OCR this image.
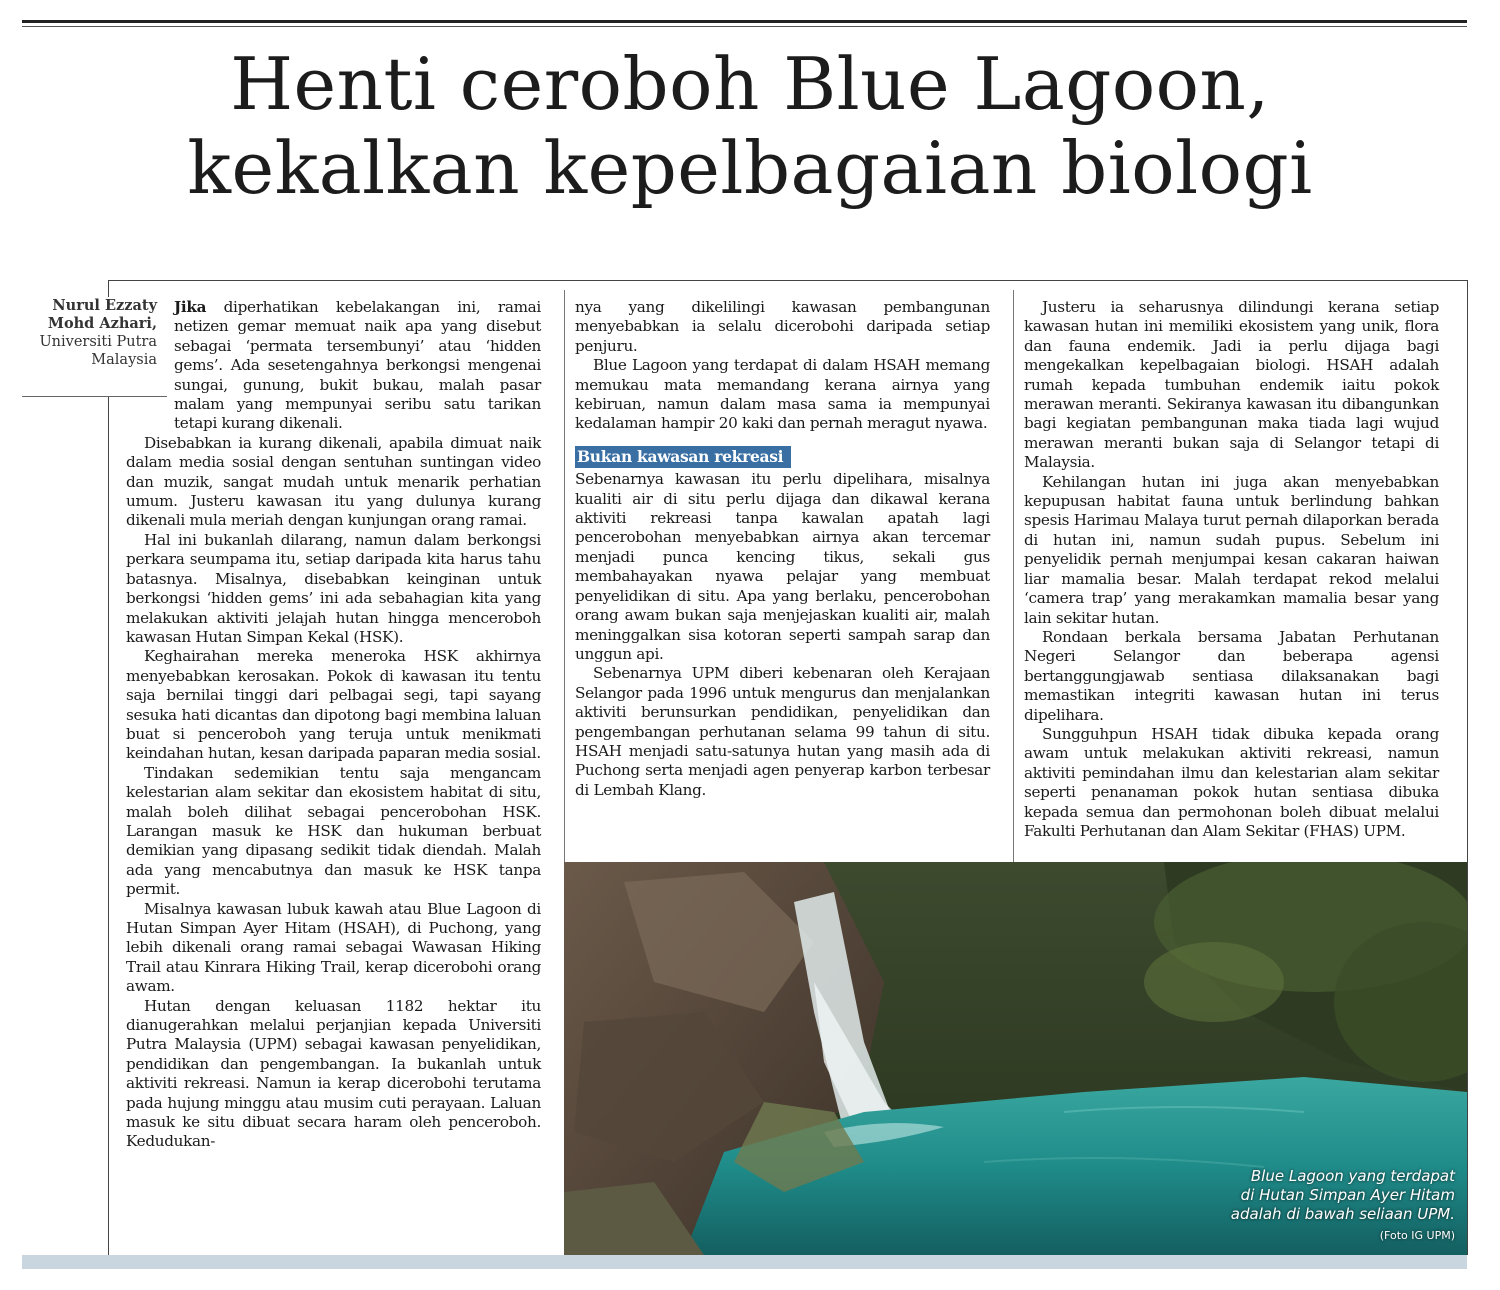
Henti ceroboh Blue Lagoon,
kekalkan kepelbagaian biologi
Nurul Ezzaty
Mohd Azhari,
Universiti Putra
Malaysia

Jika diperhatikan kebelakangan ini, ramai netizen gemar memuat naik apa yang disebut sebagai ‘permata tersembunyi’ atau ‘hidden gems’. Ada sesetengahnya berkongsi mengenai sungai, gunung, bukit bukau, malah pasar malam yang mempunyai seribu satu tarikan tetapi kurang dikenali.

Disebabkan ia kurang dikenali, apabila dimuat naik dalam media sosial dengan sentuhan suntingan video dan muzik, sangat mudah untuk menarik perhatian umum. Justeru kawasan itu yang dulunya kurang dikenali mula meriah dengan kunjungan orang ramai.

Hal ini bukanlah dilarang, namun dalam berkongsi perkara seumpama itu, setiap daripada kita harus tahu batasnya. Misalnya, disebabkan keinginan untuk berkongsi ‘hidden gems’ ini ada sebahagian kita yang melakukan aktiviti jelajah hutan hingga menceroboh kawasan Hutan Simpan Kekal (HSK).

Keghairahan mereka meneroka HSK akhirnya menyebabkan kerosakan. Pokok di kawasan itu tentu saja bernilai tinggi dari pelbagai segi, tapi sayang sesuka hati dicantas dan dipotong bagi membina laluan buat si penceroboh yang teruja untuk menikmati keindahan hutan, kesan daripada paparan media sosial.

Tindakan sedemikian tentu saja mengancam kelestarian alam sekitar dan ekosistem habitat di situ, malah boleh dilihat sebagai pencerobohan HSK. Larangan masuk ke HSK dan hukuman berbuat demikian yang dipasang sedikit tidak diendah. Malah ada yang mencabutnya dan masuk ke HSK tanpa permit.

Misalnya kawasan lubuk kawah atau Blue Lagoon di Hutan Simpan Ayer Hitam (HSAH), di Puchong, yang lebih dikenali orang ramai sebagai Wawasan Hiking Trail atau Kinrara Hiking Trail, kerap dicerobohi orang awam.

Hutan dengan keluasan 1182 hektar itu dianugerahkan melalui perjanjian kepada Universiti Putra Malaysia (UPM) sebagai kawasan penyelidikan, pendidikan dan pengembangan. Ia bukanlah untuk aktiviti rekreasi. Namun ia kerap dicerobohi terutama pada hujung minggu atau musim cuti perayaan. Laluan masuk ke situ dibuat secara haram oleh penceroboh. Kedudukan-

nya yang dikelilingi kawasan pembangunan menyebabkan ia selalu dicerobohi daripada setiap penjuru.

Blue Lagoon yang terdapat di dalam HSAH memang memukau mata memandang kerana airnya yang kebiruan, namun dalam masa sama ia mempunyai kedalaman hampir 20 kaki dan pernah meragut nyawa.

Bukan kawasan rekreasi

Sebenarnya kawasan itu perlu dipelihara, misalnya kualiti air di situ perlu dijaga dan dikawal kerana aktiviti rekreasi tanpa kawalan apatah lagi pencerobohan menyebabkan airnya akan tercemar menjadi punca kencing tikus, sekali gus membahayakan nyawa pelajar yang membuat penyelidikan di situ. Apa yang berlaku, pencerobohan orang awam bukan saja menjejaskan kualiti air, malah meninggalkan sisa kotoran seperti sampah sarap dan unggun api.

Sebenarnya UPM diberi kebenaran oleh Kerajaan Selangor pada 1996 untuk mengurus dan menjalankan aktiviti berunsurkan pendidikan, penyelidikan dan pengembangan perhutanan selama 99 tahun di situ. HSAH menjadi satu-satunya hutan yang masih ada di Puchong serta menjadi agen penyerap karbon terbesar di Lembah Klang.

Justeru ia seharusnya dilindungi kerana setiap kawasan hutan ini memiliki ekosistem yang unik, flora dan fauna endemik. Jadi ia perlu dijaga bagi mengekalkan kepelbagaian biologi. HSAH adalah rumah kepada tumbuhan endemik iaitu pokok merawan meranti. Sekiranya kawasan itu dibangunkan bagi kegiatan pembangunan maka tiada lagi wujud merawan meranti bukan saja di Selangor tetapi di Malaysia.

Kehilangan hutan ini juga akan menyebabkan kepupusan habitat fauna untuk berlindung bahkan spesis Harimau Malaya turut pernah dilaporkan berada di hutan ini, namun sudah pupus. Sebelum ini penyelidik pernah menjumpai kesan cakaran haiwan liar mamalia besar. Malah terdapat rekod melalui ‘camera trap’ yang merakamkan mamalia besar yang lain sekitar hutan.

Rondaan berkala bersama Jabatan Perhutanan Negeri Selangor dan beberapa agensi bertanggungjawab sentiasa dilaksanakan bagi memastikan integriti kawasan hutan ini terus dipelihara.

Sungguhpun HSAH tidak dibuka kepada orang awam untuk melakukan aktiviti rekreasi, namun aktiviti pemindahan ilmu dan kelestarian alam sekitar seperti penanaman pokok hutan sentiasa dibuka kepada semua dan permohonan boleh dibuat melalui Fakulti Perhutanan dan Alam Sekitar (FHAS) UPM.

Blue Lagoon yang terdapat
di Hutan Simpan Ayer Hitam
adalah di bawah seliaan UPM.
(Foto IG UPM)
